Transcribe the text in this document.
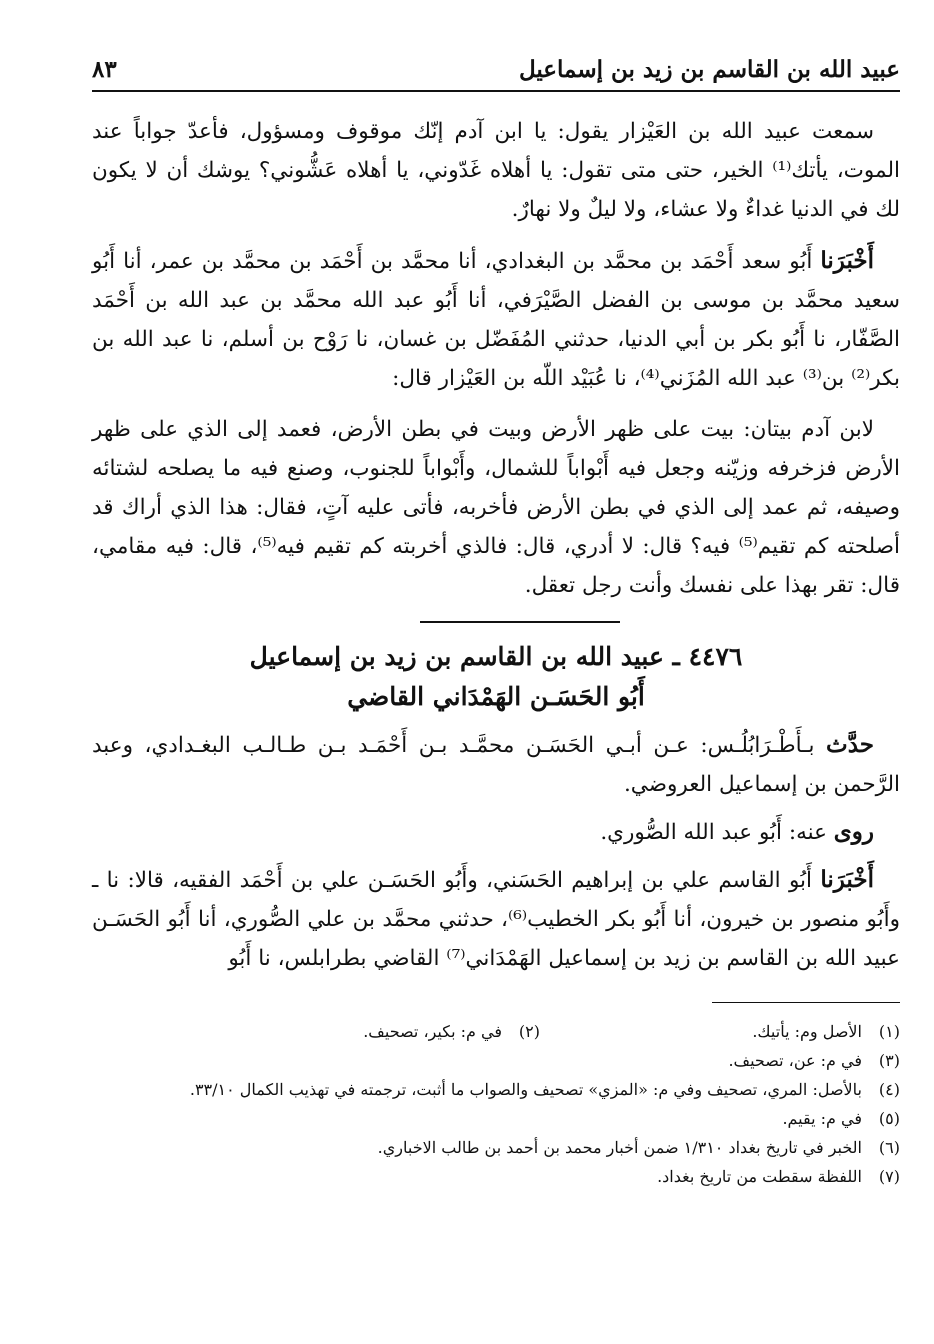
عبيد الله بن القاسم بن زيد بن إسماعيل
٨٣

سمعت عبيد الله بن العَيْزار يقول: يا ابن آدم إنّك موقوف ومسؤول، فأعدّ جواباً عند الموت، يأتك⁽¹⁾ الخير، حتى متى تقول: يا أهلاه غَدّوني، يا أهلاه عَشُّوني؟ يوشك أن لا يكون لك في الدنيا غداءٌ ولا عشاء، ولا ليلٌ ولا نهارٌ.

أَخْبَرَنا أَبُو سعد أَحْمَد بن محمَّد بن البغدادي، أنا محمَّد بن أَحْمَد بن محمَّد بن عمر، أنا أَبُو سعيد محمَّد بن موسى بن الفضل الصَّيْرَفي، أنا أَبُو عبد الله محمَّد بن عبد الله بن أَحْمَد الصَّفّار، نا أَبُو بكر بن أبي الدنيا، حدثني المُفَضّل بن غسان، نا رَوْح بن أسلم، نا عبد الله بن بكر⁽²⁾ بن⁽³⁾ عبد الله المُزَني⁽⁴⁾، نا عُبَيْد اللّه بن العَيْزار قال:

لابن آدم بيتان: بيت على ظهر الأرض وبيت في بطن الأرض، فعمد إلى الذي على ظهر الأرض فزخرفه وزيّنه وجعل فيه أَبْواباً للشمال، وأَبْواباً للجنوب، وصنع فيه ما يصلحه لشتائه وصيفه، ثم عمد إلى الذي في بطن الأرض فأخربه، فأتى عليه آتٍ، فقال: هذا الذي أراك قد أصلحته كم تقيم⁽⁵⁾ فيه؟ قال: لا أدري، قال: فالذي أخربته كم تقيم فيه⁽⁵⁾، قال: فيه مقامي، قال: تقر بهذا على نفسك وأنت رجل تعقل.

٤٤٧٦ ـ عبيد الله بن القاسم بن زيد بن إسماعيل
أَبُو الحَسَـن الهَمْدَاني القاضي

حدَّث بـأَطْـرَابُلُـس: عـن أبـي الحَسَـن محمَّـد بـن أَحْمَـد بـن طـالـب البغـدادي، وعبد الرَّحمن بن إسماعيل العروضي.

روى عنه: أَبُو عبد الله الصُّوري.

أَخْبَرَنا أَبُو القاسم علي بن إبراهيم الحَسَني، وأَبُو الحَسَـن علي بن أَحْمَد الفقيه، قالا: نا ـ وأَبُو منصور بن خيرون، أنا أَبُو بكر الخطيب⁽⁶⁾، حدثني محمَّد بن علي الصُّوري، أنا أَبُو الحَسَـن عبيد الله بن القاسم بن زيد بن إسماعيل الهَمْدَاني⁽⁷⁾ القاضي بطرابلس، نا أَبُو

(١)
الأصل وم: يأتيك.
(٢)
في م: بكير، تصحيف.
(٣)
في م: عن، تصحيف.
(٤)
بالأصل: المري، تصحيف وفي م: «المزي» تصحيف والصواب ما أثبت، ترجمته في تهذيب الكمال ٣٣/١٠.
(٥)
في م: يقيم.
(٦)
الخبر في تاريخ بغداد ١/٣١٠ ضمن أخبار محمد بن أحمد بن طالب الاخباري.
(٧)
اللفظة سقطت من تاريخ بغداد.
